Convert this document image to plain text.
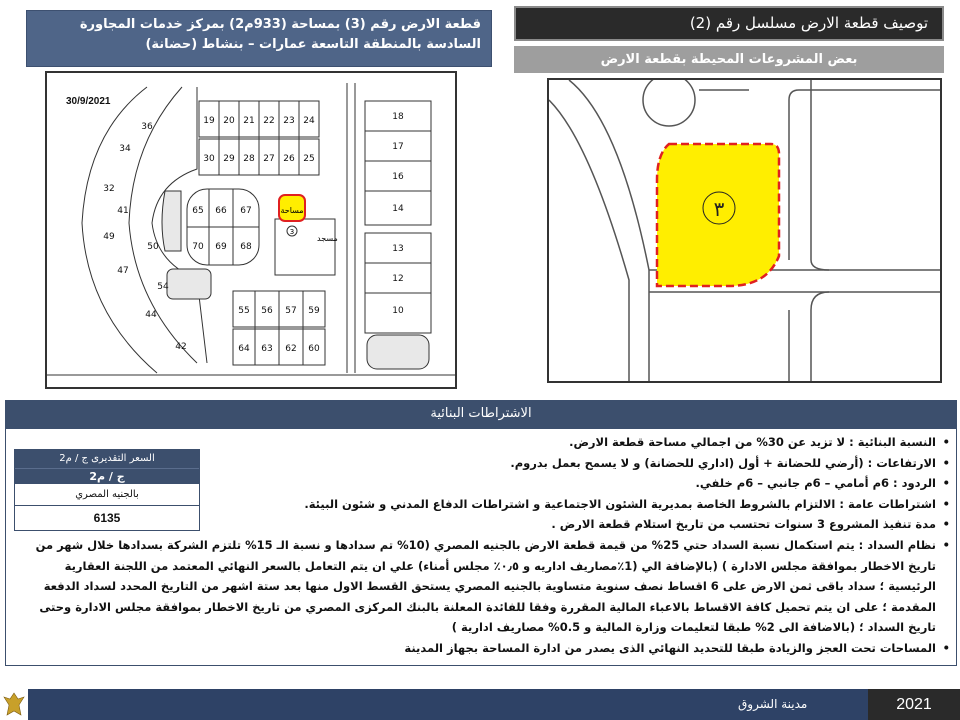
قطعة الارض رقم (3) بمساحة (933م2) بمركز خدمات المجاورة
السادسة بالمنطقة التاسعة عمارات – بنشاط (حضانة)
توصيف قطعة الارض مسلسل رقم (2)
بعض المشروعات المحيطة بقطعة الارض
مساحة
3
مسجد
19 20 21 22 23 24
30 29 28 27 26 25
18
17
16
14
13
12
10
65 66 67
70 69 68
55 56 57 59
64 63 62 60
36
34
32
41
49
47
44
42
50
54
30/9/2021
٣
الاشتراطات البنائية
• النسبة البنائية : لا تزيد عن 30% من اجمالي مساحة قطعة الارض.
• الارتفاعات : (أرضي للحضانة + أول (اداري للحضانة) و لا يسمح بعمل بدروم.
• الردود : 6م أمامي – 6م جانبي – 6م خلفي.
• اشتراطات عامة : الالتزام بالشروط الخاصة بمديرية الشئون الاجتماعية و اشتراطات الدفاع المدني و شئون البيئة.
• مدة تنفيذ المشروع 3 سنوات تحتسب من تاريخ استلام قطعة الارض .
• نظام السداد : يتم استكمال نسبة السداد حتي 25% من قيمة قطعة الارض بالجنيه المصري (10% تم سدادها و نسبة الـ 15% تلتزم الشركة بسدادها خلال شهر من تاريخ الاخطار بموافقة مجلس الادارة ) (بالإضافة الي (1٪مصاريف اداريه و ٠٫٥٪ مجلس أمناء) علي ان يتم التعامل بالسعر النهائي المعتمد من اللجنة العقارية الرئيسية ؛ سداد باقى ثمن الارض على 6 اقساط نصف سنوية متساوية بالجنيه المصري يستحق القسط الاول منها بعد ستة اشهر من التاريخ المحدد لسداد الدفعة المقدمة ؛ على ان يتم تحميل كافة الاقساط بالاعباء المالية المقررة وفقا للفائدة المعلنة بالبنك المركزى المصري من تاريخ الاخطار بموافقة مجلس الادارة وحتى تاريخ السداد ؛ (بالاضافة الى 2% طبقا لتعليمات وزارة المالية و 0.5% مصاريف ادارية )
• المساحات تحت العجز والزيادة طبقا للتحديد النهائي الذى يصدر من ادارة المساحة بجهاز المدينة
السعر التقديرى ج / م2
ج / م2
بالجنيه المصري
6135
مدينة الشروق	2021
